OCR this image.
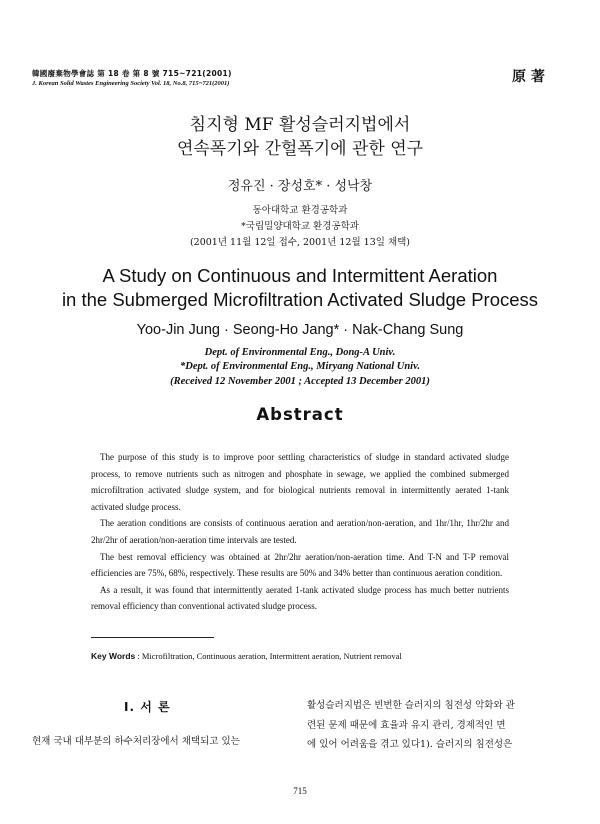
韓國廢棄物學會誌 第 18 卷 第 8 號 715~721(2001)
J. Korean Solid Wastes Engineering Society Vol. 18, No.8, 715~721(2001)	原 著
침지형 MF 활성슬러지법에서
연속폭기와 간헐폭기에 관한 연구
정유진 · 장성호* · 성낙창
동아대학교 환경공학과
*국립밀양대학교 환경공학과
(2001년 11월 12일 접수, 2001년 12월 13일 채택)
A Study on Continuous and Intermittent Aeration
in the Submerged Microfiltration Activated Sludge Process
Yoo-Jin Jung · Seong-Ho Jang* · Nak-Chang Sung
Dept. of Environmental Eng., Dong-A Univ.
*Dept. of Environmental Eng., Miryang National Univ.
(Received 12 November 2001 ; Accepted 13 December 2001)
Abstract

The purpose of this study is to improve poor settling characteristics of sludge in standard activated sludge process, to remove nutrients such as nitrogen and phosphate in sewage, we applied the combined submerged microfiltration activated sludge system, and for biological nutrients removal in intermittently aerated 1-tank activated sludge process.

The aeration conditions are consists of continuous aeration and aeration/non-aeration, and 1hr/1hr, 1hr/2hr and 2hr/2hr of aeration/non-aeration time intervals are tested.

The best removal efficiency was obtained at 2hr/2hr aeration/non-aeration time. And T-N and T-P removal efficiencies are 75%, 68%, respectively. These results are 50% and 34% better than continuous aeration condition.

As a result, it was found that intermittently aerated 1-tank activated sludge process has much better nutrients removal efficiency than conventional activated sludge process.

Key Words : Microfiltration, Continuous aeration, Intermittent aeration, Nutrient removal
I. 서 론
현재 국내 대부분의 하수처리장에서 채택되고 있는
활성슬러지법은 빈번한 슬러지의 침전성 악화와 관
련된 문제 때문에 효율과 유지 관리, 경제적인 면
에 있어 어려움을 겪고 있다1). 슬러지의 침전성은
715
